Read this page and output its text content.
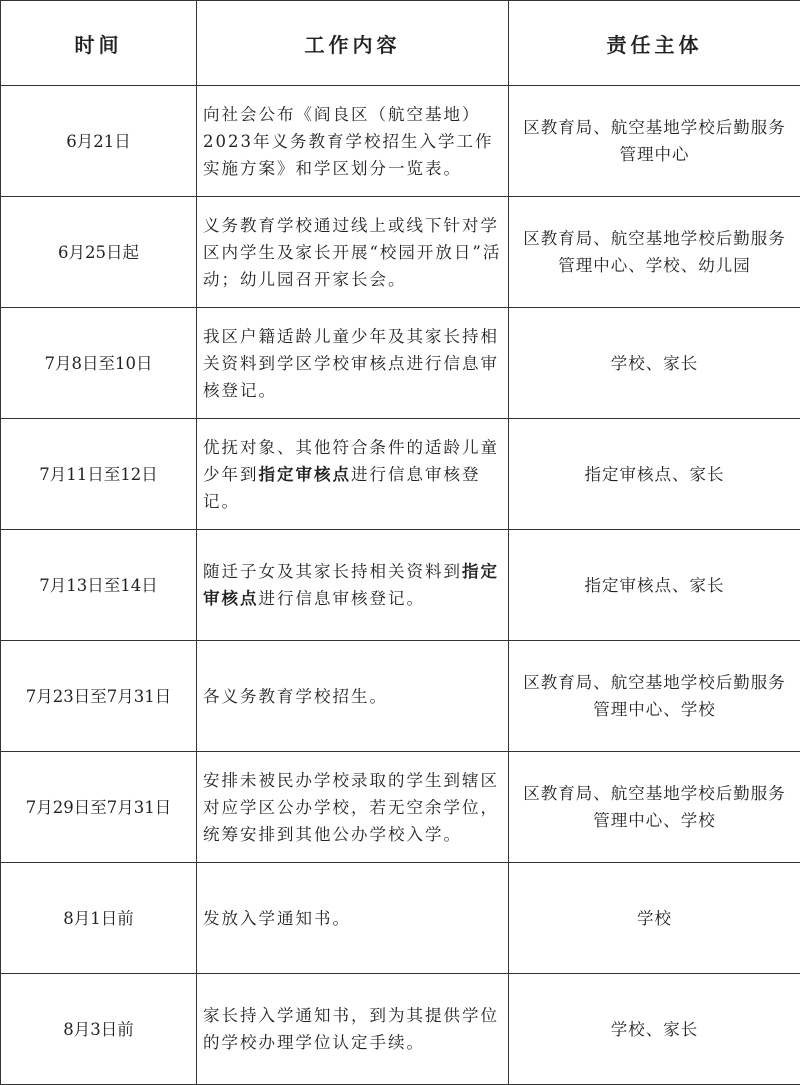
时间	工作内容	责任主体
6月21日	向社会公布《阎良区（航空基地）2023年义务教育学校招生入学工作实施方案》和学区划分一览表。	区教育局、航空基地学校后勤服务管理中心
6月25日起	义务教育学校通过线上或线下针对学区内学生及家长开展“校园开放日”活动；幼儿园召开家长会。	区教育局、航空基地学校后勤服务管理中心、学校、幼儿园
7月8日至10日	我区户籍适龄儿童少年及其家长持相关资料到学区学校审核点进行信息审核登记。	学校、家长
7月11日至12日	优抚对象、其他符合条件的适龄儿童少年到指定审核点进行信息审核登记。	指定审核点、家长
7月13日至14日	随迁子女及其家长持相关资料到指定审核点进行信息审核登记。	指定审核点、家长
7月23日至7月31日	各义务教育学校招生。	区教育局、航空基地学校后勤服务管理中心、学校
7月29日至7月31日	安排未被民办学校录取的学生到辖区对应学区公办学校，若无空余学位，统筹安排到其他公办学校入学。	区教育局、航空基地学校后勤服务管理中心、学校
8月1日前	发放入学通知书。	学校
8月3日前	家长持入学通知书，到为其提供学位的学校办理学位认定手续。	学校、家长
